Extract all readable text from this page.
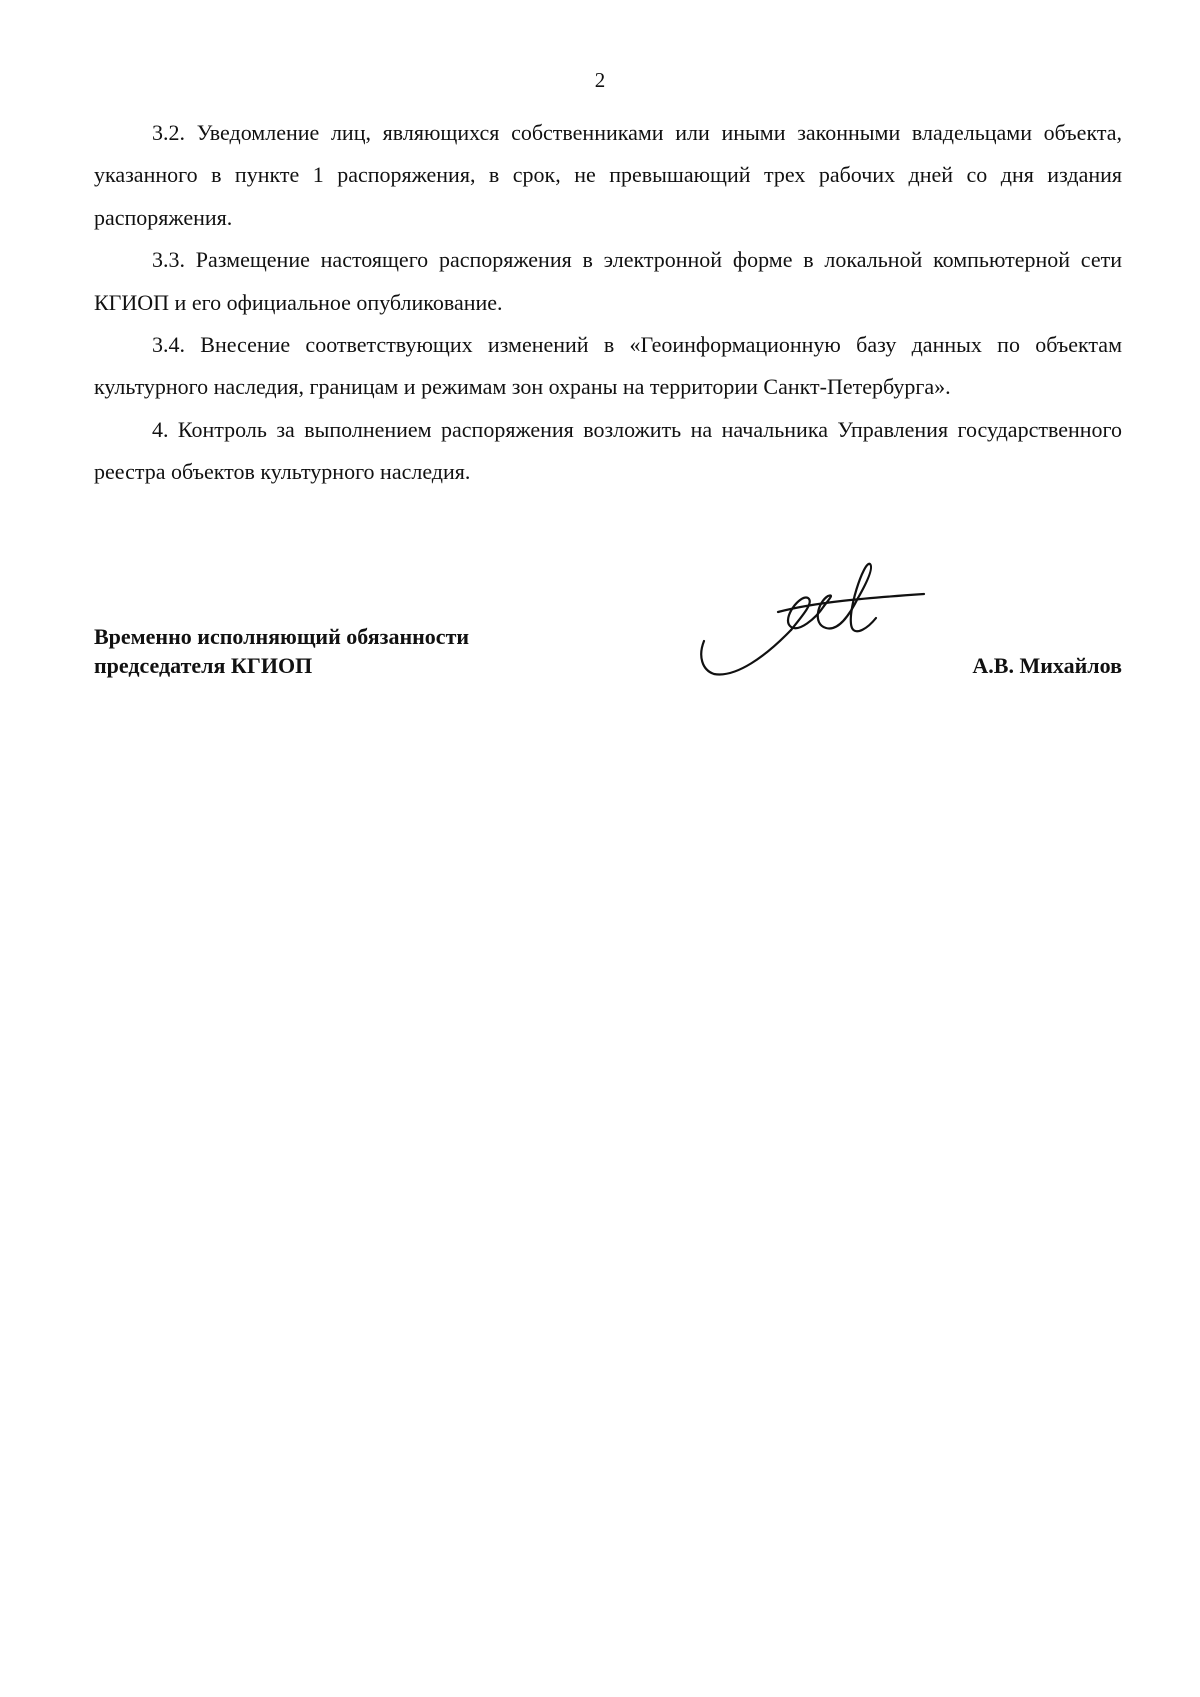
2

3.2. Уведомление лиц, являющихся собственниками или иными законными владельцами объекта, указанного в пункте 1 распоряжения, в срок, не превышающий трех рабочих дней со дня издания распоряжения.

3.3. Размещение настоящего распоряжения в электронной форме в локальной компьютерной сети КГИОП и его официальное опубликование.

3.4. Внесение соответствующих изменений в «Геоинформационную базу данных по объектам культурного наследия, границам и режимам зон охраны на территории Санкт-Петербурга».

4. Контроль за выполнением распоряжения возложить на начальника Управления государственного реестра объектов культурного наследия.

Временно исполняющий обязанности
председателя КГИОП	А.В. Михайлов
